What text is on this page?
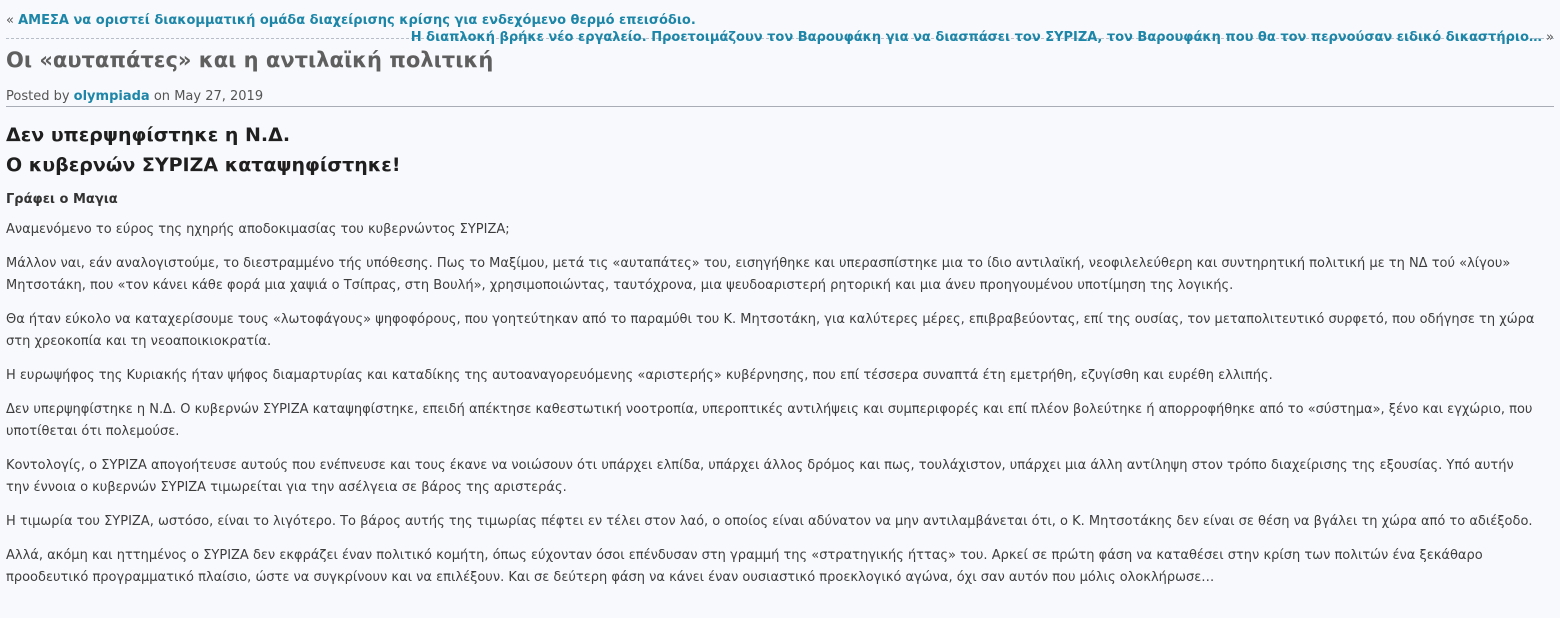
« ΑΜΕΣΑ να οριστεί διακομματική ομάδα διαχείρισης κρίσης για ενδεχόμενο θερμό επεισόδιο.
Η διαπλοκή βρήκε νέο εργαλείο. Προετοιμάζουν τον Βαρουφάκη για να διασπάσει τον ΣΥΡΙΖΑ, τον Βαρουφάκη που θα τον περνούσαν ειδικό δικαστήριο… »
Οι «αυταπάτες» και η αντιλαϊκή πολιτική
Posted by olympiada on May 27, 2019

Δεν υπερψηφίστηκε η Ν.Δ.

Ο κυβερνών ΣΥΡΙΖΑ καταψηφίστηκε!

Γράφει ο Μαγια

Αναμενόμενο το εύρος της ηχηρής αποδοκιμασίας του κυβερνώντος ΣΥΡΙΖΑ;

Μάλλον ναι, εάν αναλογιστούμε, το διεστραμμένο τής υπόθεσης. Πως το Μαξίμου, μετά τις «αυταπάτες» του, εισηγήθηκε και υπερασπίστηκε μια το ίδιο αντιλαϊκή, νεοφιλελεύθερη και συντηρητική πολιτική με τη ΝΔ τού «λίγου» Μητσοτάκη, που «τον κάνει κάθε φορά μια χαψιά ο Τσίπρας, στη Βουλή», χρησιμοποιώντας, ταυτόχρονα, μια ψευδοαριστερή ρητορική και μια άνευ προηγουμένου υποτίμηση της λογικής.

Θα ήταν εύκολο να καταχερίσουμε τους «λωτοφάγους» ψηφοφόρους, που γοητεύτηκαν από το παραμύθι του Κ. Μητσοτάκη, για καλύτερες μέρες, επιβραβεύοντας, επί της ουσίας, τον μεταπολιτευτικό συρφετό, που οδήγησε τη χώρα στη χρεοκοπία και τη νεοαποικιοκρατία.

Η ευρωψήφος της Κυριακής ήταν ψήφος διαμαρτυρίας και καταδίκης της αυτοαναγορευόμενης «αριστερής» κυβέρνησης, που επί τέσσερα συναπτά έτη εμετρήθη, εζυγίσθη και ευρέθη ελλιπής.

Δεν υπερψηφίστηκε η Ν.Δ. Ο κυβερνών ΣΥΡΙΖΑ καταψηφίστηκε, επειδή απέκτησε καθεστωτική νοοτροπία, υπεροπτικές αντιλήψεις και συμπεριφορές και επί πλέον βολεύτηκε ή απορροφήθηκε από το «σύστημα», ξένο και εγχώριο, που υποτίθεται ότι πολεμούσε.

Κοντολογίς, ο ΣΥΡΙΖΑ απογοήτευσε αυτούς που ενέπνευσε και τους έκανε να νοιώσουν ότι υπάρχει ελπίδα, υπάρχει άλλος δρόμος και πως, τουλάχιστον, υπάρχει μια άλλη αντίληψη στον τρόπο διαχείρισης της εξουσίας. Υπό αυτήν την έννοια ο κυβερνών ΣΥΡΙΖΑ τιμωρείται για την ασέλγεια σε βάρος της αριστεράς.

Η τιμωρία του ΣΥΡΙΖΑ, ωστόσο, είναι το λιγότερο. Το βάρος αυτής της τιμωρίας πέφτει εν τέλει στον λαό, ο οποίος είναι αδύνατον να μην αντιλαμβάνεται ότι, ο Κ. Μητσοτάκης δεν είναι σε θέση να βγάλει τη χώρα από το αδιέξοδο.

Αλλά, ακόμη και ηττημένος ο ΣΥΡΙΖΑ δεν εκφράζει έναν πολιτικό κομήτη, όπως εύχονταν όσοι επένδυσαν στη γραμμή της «στρατηγικής ήττας» του. Αρκεί σε πρώτη φάση να καταθέσει στην κρίση των πολιτών ένα ξεκάθαρο προοδευτικό προγραμματικό πλαίσιο, ώστε να συγκρίνουν και να επιλέξουν. Και σε δεύτερη φάση να κάνει έναν ουσιαστικό προεκλογικό αγώνα, όχι σαν αυτόν που μόλις ολοκλήρωσε…
